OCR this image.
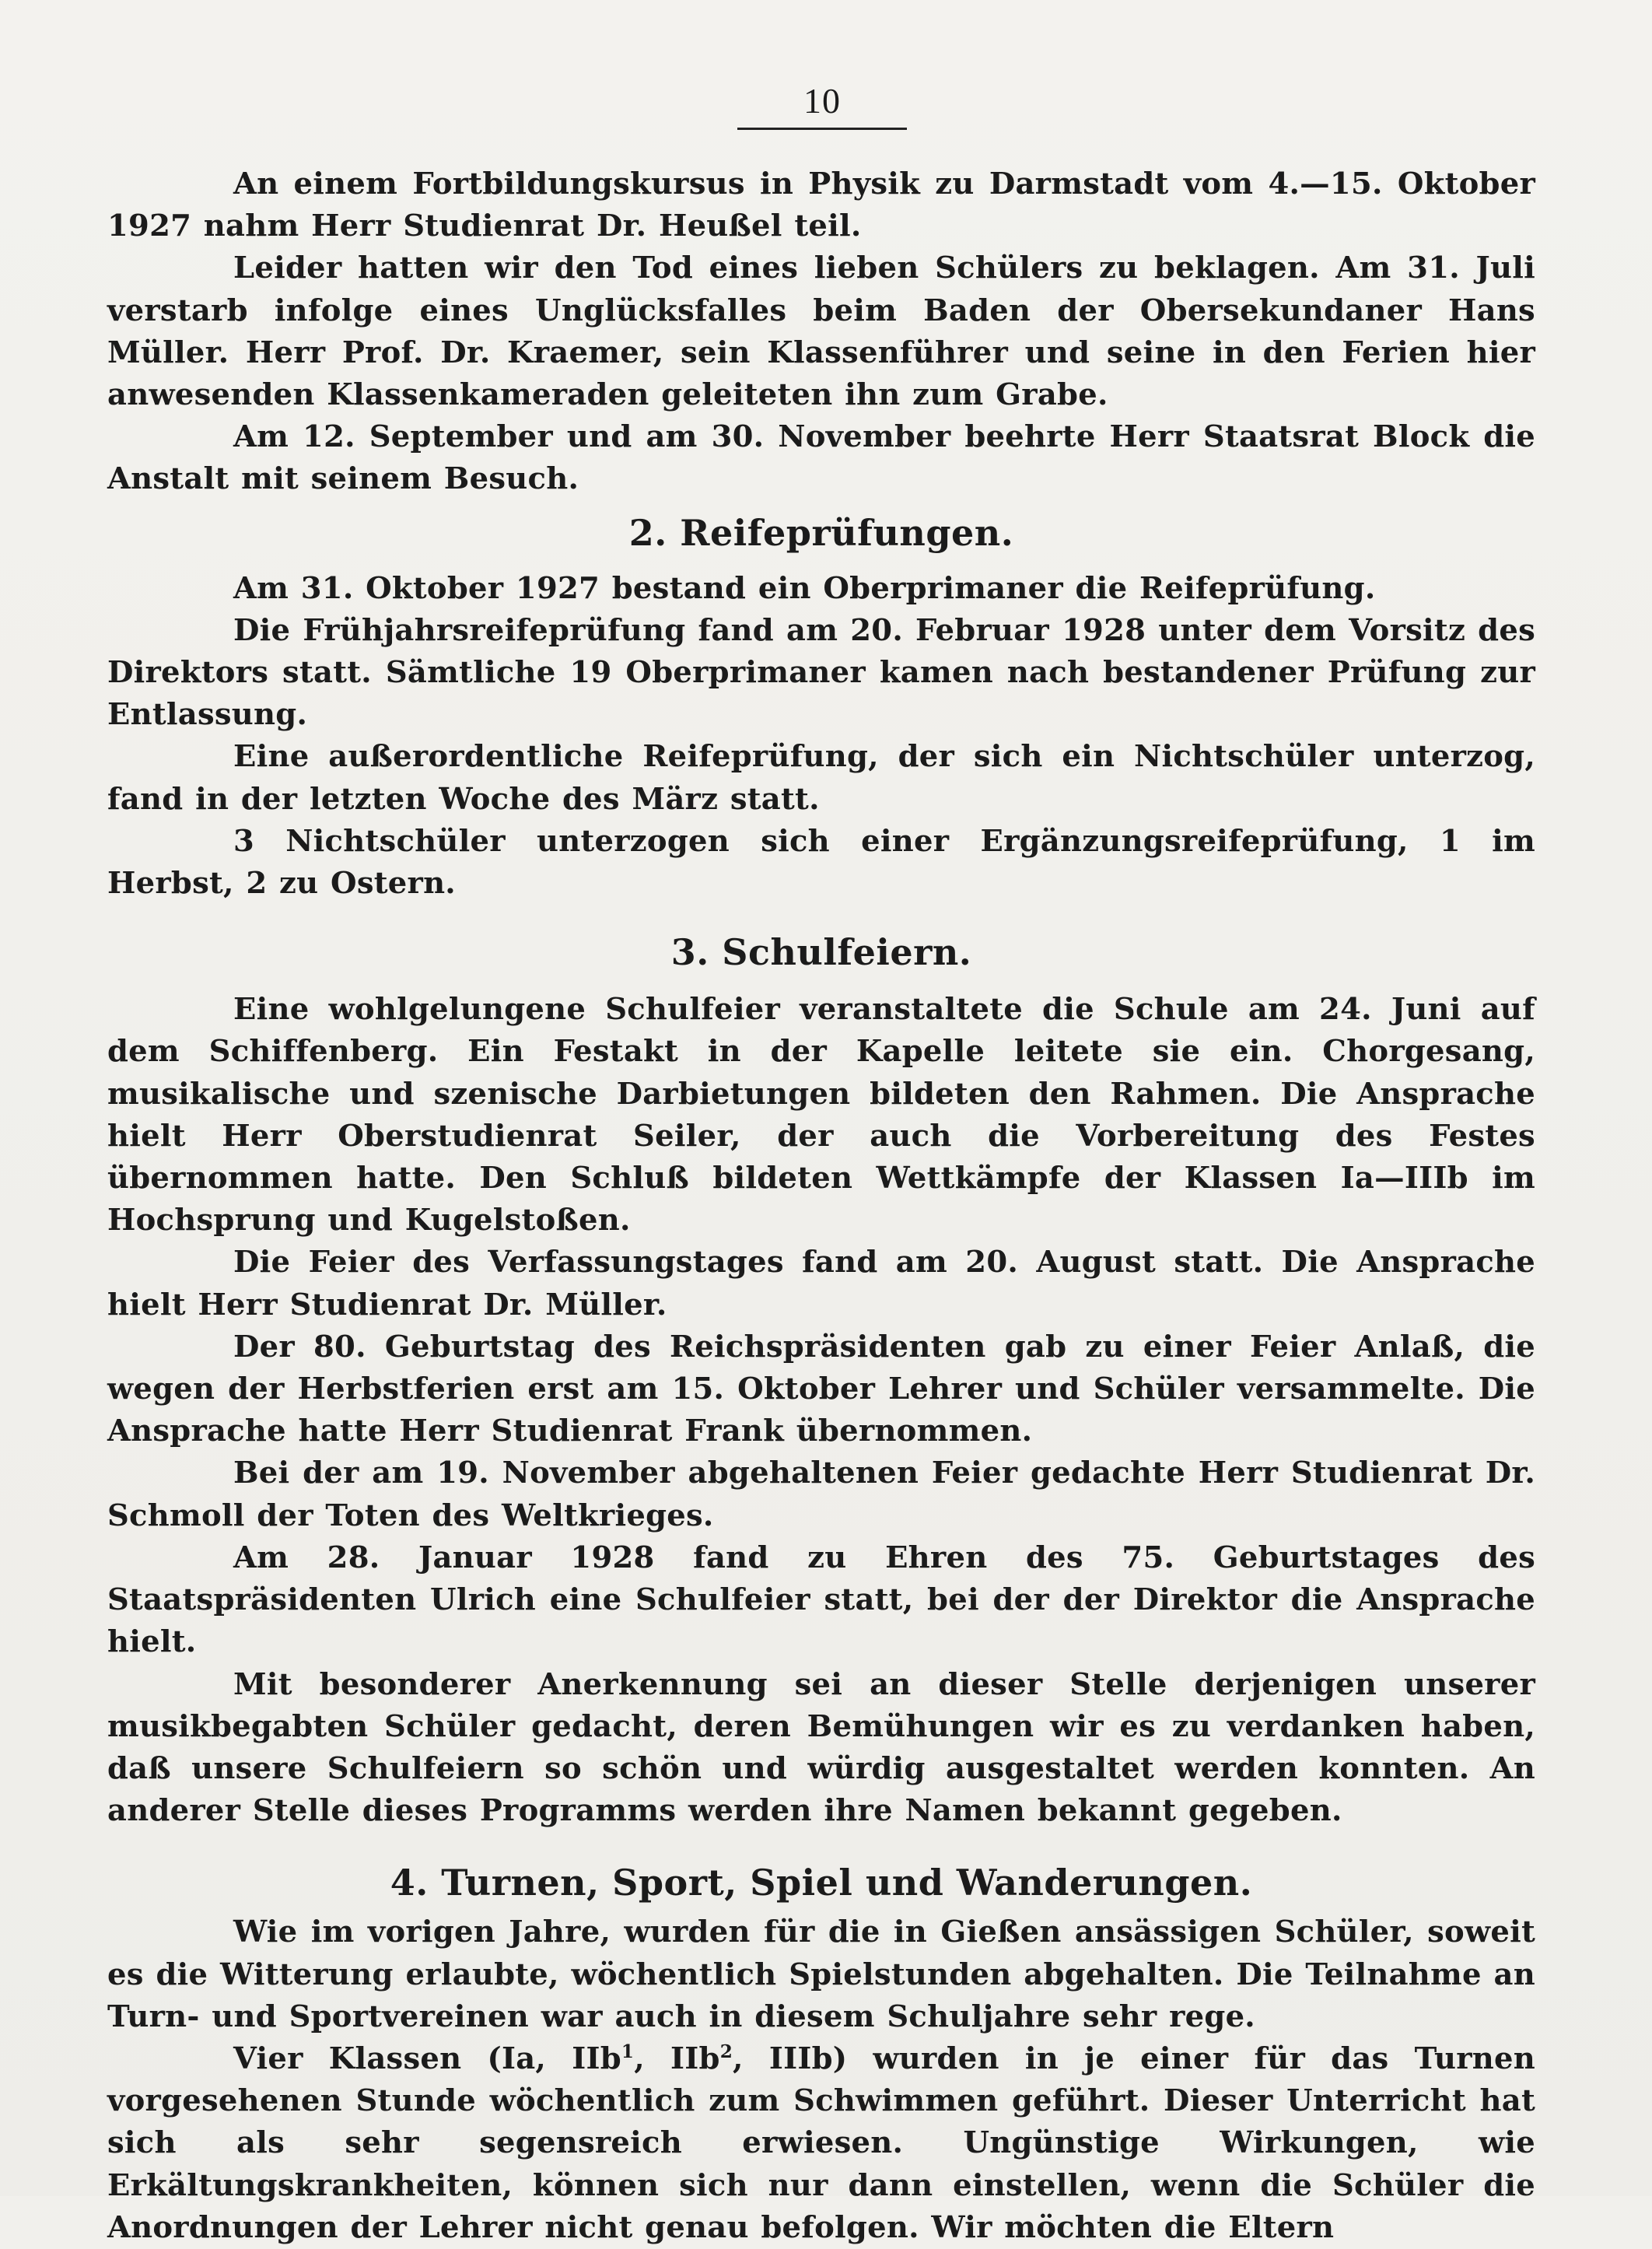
10

An einem Fortbildungskursus in Physik zu Darmstadt vom 4.—15. Oktober 1927 nahm Herr Studienrat Dr. Heußel teil.

Leider hatten wir den Tod eines lieben Schülers zu beklagen. Am 31. Juli verstarb infolge eines Unglücksfalles beim Baden der Obersekundaner Hans Müller. Herr Prof. Dr. Kraemer, sein Klassenführer und seine in den Ferien hier anwesenden Klassenkameraden geleiteten ihn zum Grabe.

Am 12. September und am 30. November beehrte Herr Staatsrat Block die Anstalt mit seinem Besuch.

2. Reifeprüfungen.

Am 31. Oktober 1927 bestand ein Oberprimaner die Reifeprüfung.

Die Frühjahrsreifeprüfung fand am 20. Februar 1928 unter dem Vorsitz des Direktors statt. Sämtliche 19 Oberprimaner kamen nach bestandener Prüfung zur Entlassung.

Eine außerordentliche Reifeprüfung, der sich ein Nichtschüler unterzog, fand in der letzten Woche des März statt.

3 Nichtschüler unterzogen sich einer Ergänzungsreifeprüfung, 1 im Herbst, 2 zu Ostern.

3. Schulfeiern.

Eine wohlgelungene Schulfeier veranstaltete die Schule am 24. Juni auf dem Schiffenberg. Ein Festakt in der Kapelle leitete sie ein. Chorgesang, musikalische und szenische Darbietungen bildeten den Rahmen. Die Ansprache hielt Herr Oberstudienrat Seiler, der auch die Vorbereitung des Festes übernommen hatte. Den Schluß bildeten Wettkämpfe der Klassen Ia—IIIb im Hochsprung und Kugelstoßen.

Die Feier des Verfassungstages fand am 20. August statt. Die Ansprache hielt Herr Studienrat Dr. Müller.

Der 80. Geburtstag des Reichspräsidenten gab zu einer Feier Anlaß, die wegen der Herbstferien erst am 15. Oktober Lehrer und Schüler versammelte. Die Ansprache hatte Herr Studienrat Frank übernommen.

Bei der am 19. November abgehaltenen Feier gedachte Herr Studienrat Dr. Schmoll der Toten des Weltkrieges.

Am 28. Januar 1928 fand zu Ehren des 75. Geburtstages des Staatspräsidenten Ulrich eine Schulfeier statt, bei der der Direktor die Ansprache hielt.

Mit besonderer Anerkennung sei an dieser Stelle derjenigen unserer musikbegabten Schüler gedacht, deren Bemühungen wir es zu verdanken haben, daß unsere Schulfeiern so schön und würdig ausgestaltet werden konnten. An anderer Stelle dieses Programms werden ihre Namen bekannt gegeben.

4. Turnen, Sport, Spiel und Wanderungen.

Wie im vorigen Jahre, wurden für die in Gießen ansässigen Schüler, soweit es die Witterung erlaubte, wöchentlich Spielstunden abgehalten. Die Teilnahme an Turn- und Sportvereinen war auch in diesem Schuljahre sehr rege.

Vier Klassen (Ia, IIb$^1$, IIb$^2$, IIIb) wurden in je einer für das Turnen vorgesehenen Stunde wöchentlich zum Schwimmen geführt. Dieser Unterricht hat sich als sehr segensreich erwiesen. Ungünstige Wirkungen, wie Erkältungskrankheiten, können sich nur dann einstellen, wenn die Schüler die Anordnungen der Lehrer nicht genau befolgen. Wir möchten die Eltern
